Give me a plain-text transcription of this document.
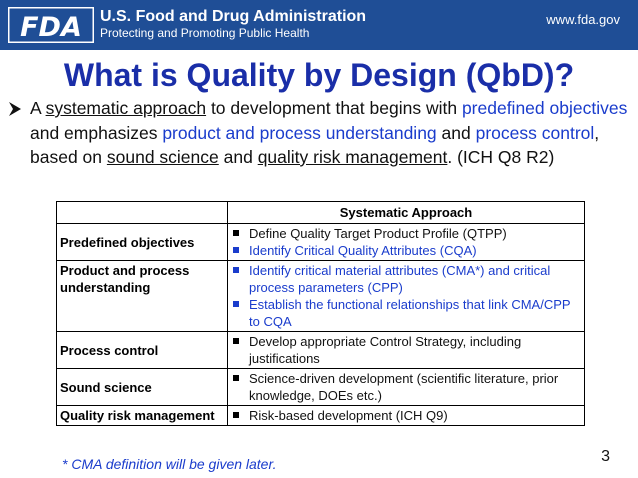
FDA U.S. Food and Drug Administration
Protecting and Promoting Public Health
www.fda.gov
What is Quality by Design (QbD)?
A systematic approach to development that begins with predefined objectives and emphasizes product and process understanding and process control, based on sound science and quality risk management. (ICH Q8 R2)
	Systematic Approach
Predefined objectives	Define Quality Target Product Profile (QTPP)
Identify Critical Quality Attributes (CQA)

Product and process understanding	Identify critical material attributes (CMA*) and critical process parameters (CPP)
Establish the functional relationships that link CMA/CPP to CQA

Process control	Develop appropriate Control Strategy, including justifications

Sound science	Science-driven development (scientific literature, prior knowledge, DOEs etc.)

Quality risk management	Risk-based development (ICH Q9)
* CMA definition will be given later.	3
